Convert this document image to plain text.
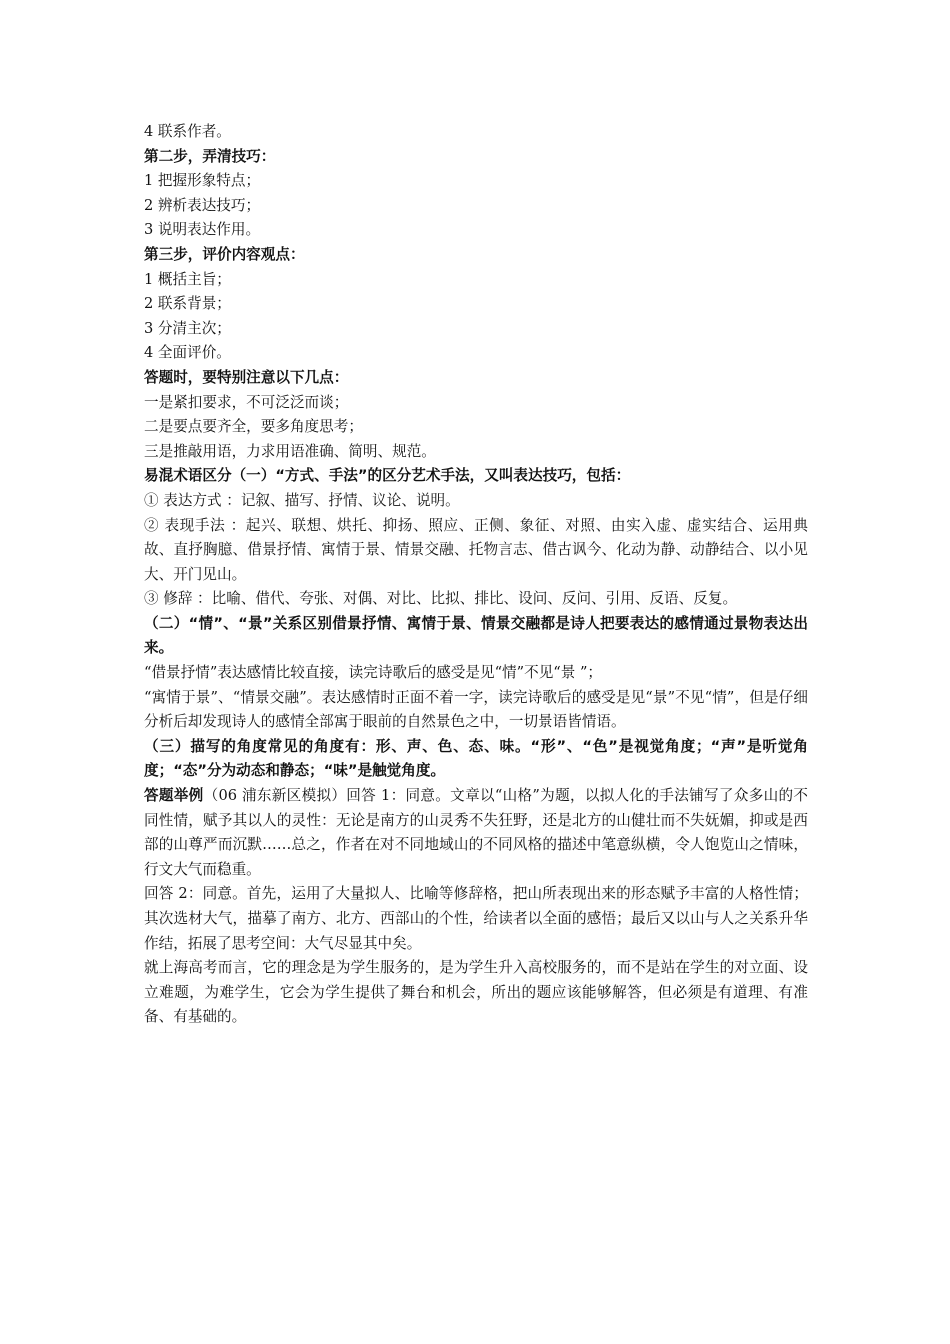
4 联系作者。
第二步，弄清技巧：
1 把握形象特点；
2 辨析表达技巧；
3 说明表达作用。
第三步，评价内容观点：
1 概括主旨；
2 联系背景；
3 分清主次；
4 全面评价。
答题时，要特别注意以下几点：
一是紧扣要求，不可泛泛而谈；
二是要点要齐全，要多角度思考；
三是推敲用语，力求用语准确、简明、规范。
易混术语区分（一）“方式、手法”的区分艺术手法，又叫表达技巧，包括：
① 表达方式 ：记叙、描写、抒情、议论、说明。
② 表现手法 ：起兴、联想、烘托、抑扬、照应、正侧、象征、对照、由实入虚、虚实结合、运用典故、直抒胸臆、借景抒情、寓情于景、情景交融、托物言志、借古讽今、化动为静、动静结合、以小见大、开门见山。
③ 修辞 ：比喻、借代、夸张、对偶、对比、比拟、排比、设问、反问、引用、反语、反复。
（二）“情”、“景”关系区别借景抒情、寓情于景、情景交融都是诗人把要表达的感情通过景物表达出来。
“借景抒情”表达感情比较直接，读完诗歌后的感受是见“情”不见“景 ”；
“寓情于景”、“情景交融”。表达感情时正面不着一字，读完诗歌后的感受是见“景”不见“情”，但是仔细分析后却发现诗人的感情全部寓于眼前的自然景色之中，一切景语皆情语。
（三）描写的角度常见的角度有：形、声、色、态、味。“形”、“色”是视觉角度；“声”是听觉角度；“态”分为动态和静态；“味”是触觉角度。
答题举例（06 浦东新区模拟）回答 1：同意。文章以“山格”为题，以拟人化的手法铺写了众多山的不同性情，赋予其以人的灵性：无论是南方的山灵秀不失狂野，还是北方的山健壮而不失妩媚，抑或是西部的山尊严而沉默……总之，作者在对不同地域山的不同风格的描述中笔意纵横，令人饱览山之情味，行文大气而稳重。
回答 2：同意。首先，运用了大量拟人、比喻等修辞格，把山所表现出来的形态赋予丰富的人格性情；其次选材大气，描摹了南方、北方、西部山的个性，给读者以全面的感悟；最后又以山与人之关系升华作结，拓展了思考空间：大气尽显其中矣。
就上海高考而言，它的理念是为学生服务的，是为学生升入高校服务的，而不是站在学生的对立面、设立难题，为难学生，它会为学生提供了舞台和机会，所出的题应该能够解答，但必须是有道理、有准备、有基础的。
